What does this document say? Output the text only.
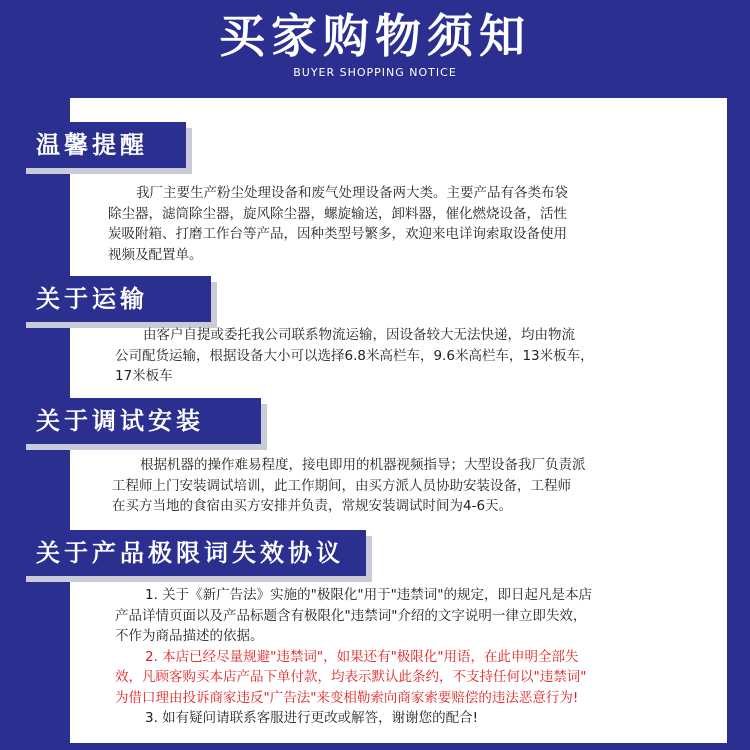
买家购物须知
BUYER SHOPPING NOTICE
温馨提醒

我厂主要生产粉尘处理设备和废气处理设备两大类。主要产品有各类布袋

除尘器，滤筒除尘器，旋风除尘器，螺旋输送，卸料器，催化燃烧设备，活性

炭吸附箱、打磨工作台等产品，因种类型号繁多，欢迎来电详询索取设备使用

视频及配置单。

关于运输

由客户自提或委托我公司联系物流运输，因设备较大无法快递，均由物流

公司配货运输，根据设备大小可以选择6.8米高栏车，9.6米高栏车，13米板车，

17米板车

关于调试安装

根据机器的操作难易程度，接电即用的机器视频指导；大型设备我厂负责派

工程师上门安装调试培训，此工作期间，由买方派人员协助安装设备，工程师

在买方当地的食宿由买方安排并负责，常规安装调试时间为4-6天。

关于产品极限词失效协议

1. 关于《新广告法》实施的"极限化"用于"违禁词"的规定，即日起凡是本店

产品详情页面以及产品标题含有极限化"违禁词"介绍的文字说明一律立即失效，

不作为商品描述的依据。

2. 本店已经尽量规避"违禁词"，如果还有"极限化"用语，在此申明全部失

效，凡顾客购买本店产品下单付款，均表示默认此条约，不支持任何以"违禁词"

为借口理由投诉商家违反"广告法"来变相勒索向商家索要赔偿的违法恶意行为!

3. 如有疑问请联系客服进行更改或解答，谢谢您的配合!
